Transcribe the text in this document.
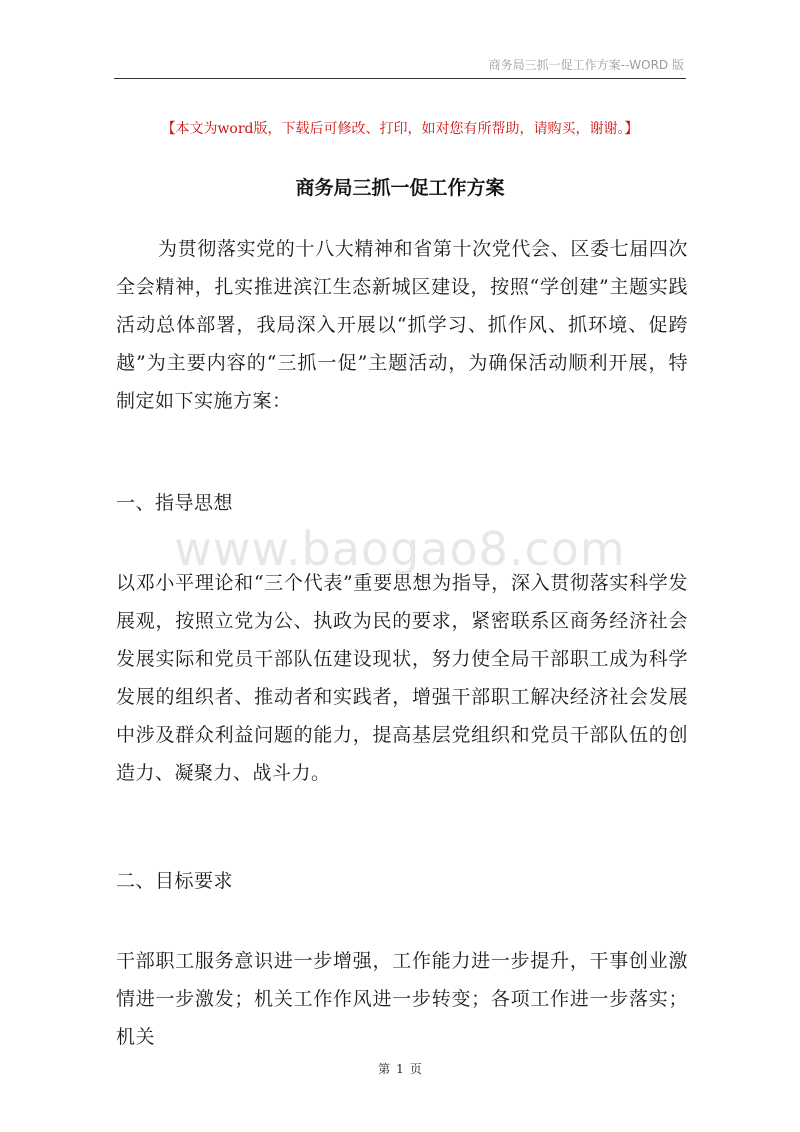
商务局三抓一促工作方案--WORD 版
【本文为word版，下载后可修改、打印，如对您有所帮助，请购买，谢谢。】
商务局三抓一促工作方案

为贯彻落实党的十八大精神和省第十次党代会、区委七届四次全会精神，扎实推进滨江生态新城区建设，按照“学创建”主题实践活动总体部署，我局深入开展以“抓学习、抓作风、抓环境、促跨越”为主要内容的“三抓一促”主题活动，为确保活动顺利开展，特制定如下实施方案：

一、指导思想

www.baogao8.com

以邓小平理论和“三个代表”重要思想为指导，深入贯彻落实科学发展观，按照立党为公、执政为民的要求，紧密联系区商务经济社会发展实际和党员干部队伍建设现状，努力使全局干部职工成为科学发展的组织者、推动者和实践者，增强干部职工解决经济社会发展中涉及群众利益问题的能力，提高基层党组织和党员干部队伍的创造力、凝聚力、战斗力。

二、目标要求

干部职工服务意识进一步增强，工作能力进一步提升，干事创业激情进一步激发；机关工作作风进一步转变；各项工作进一步落实；机关

第 1 页
